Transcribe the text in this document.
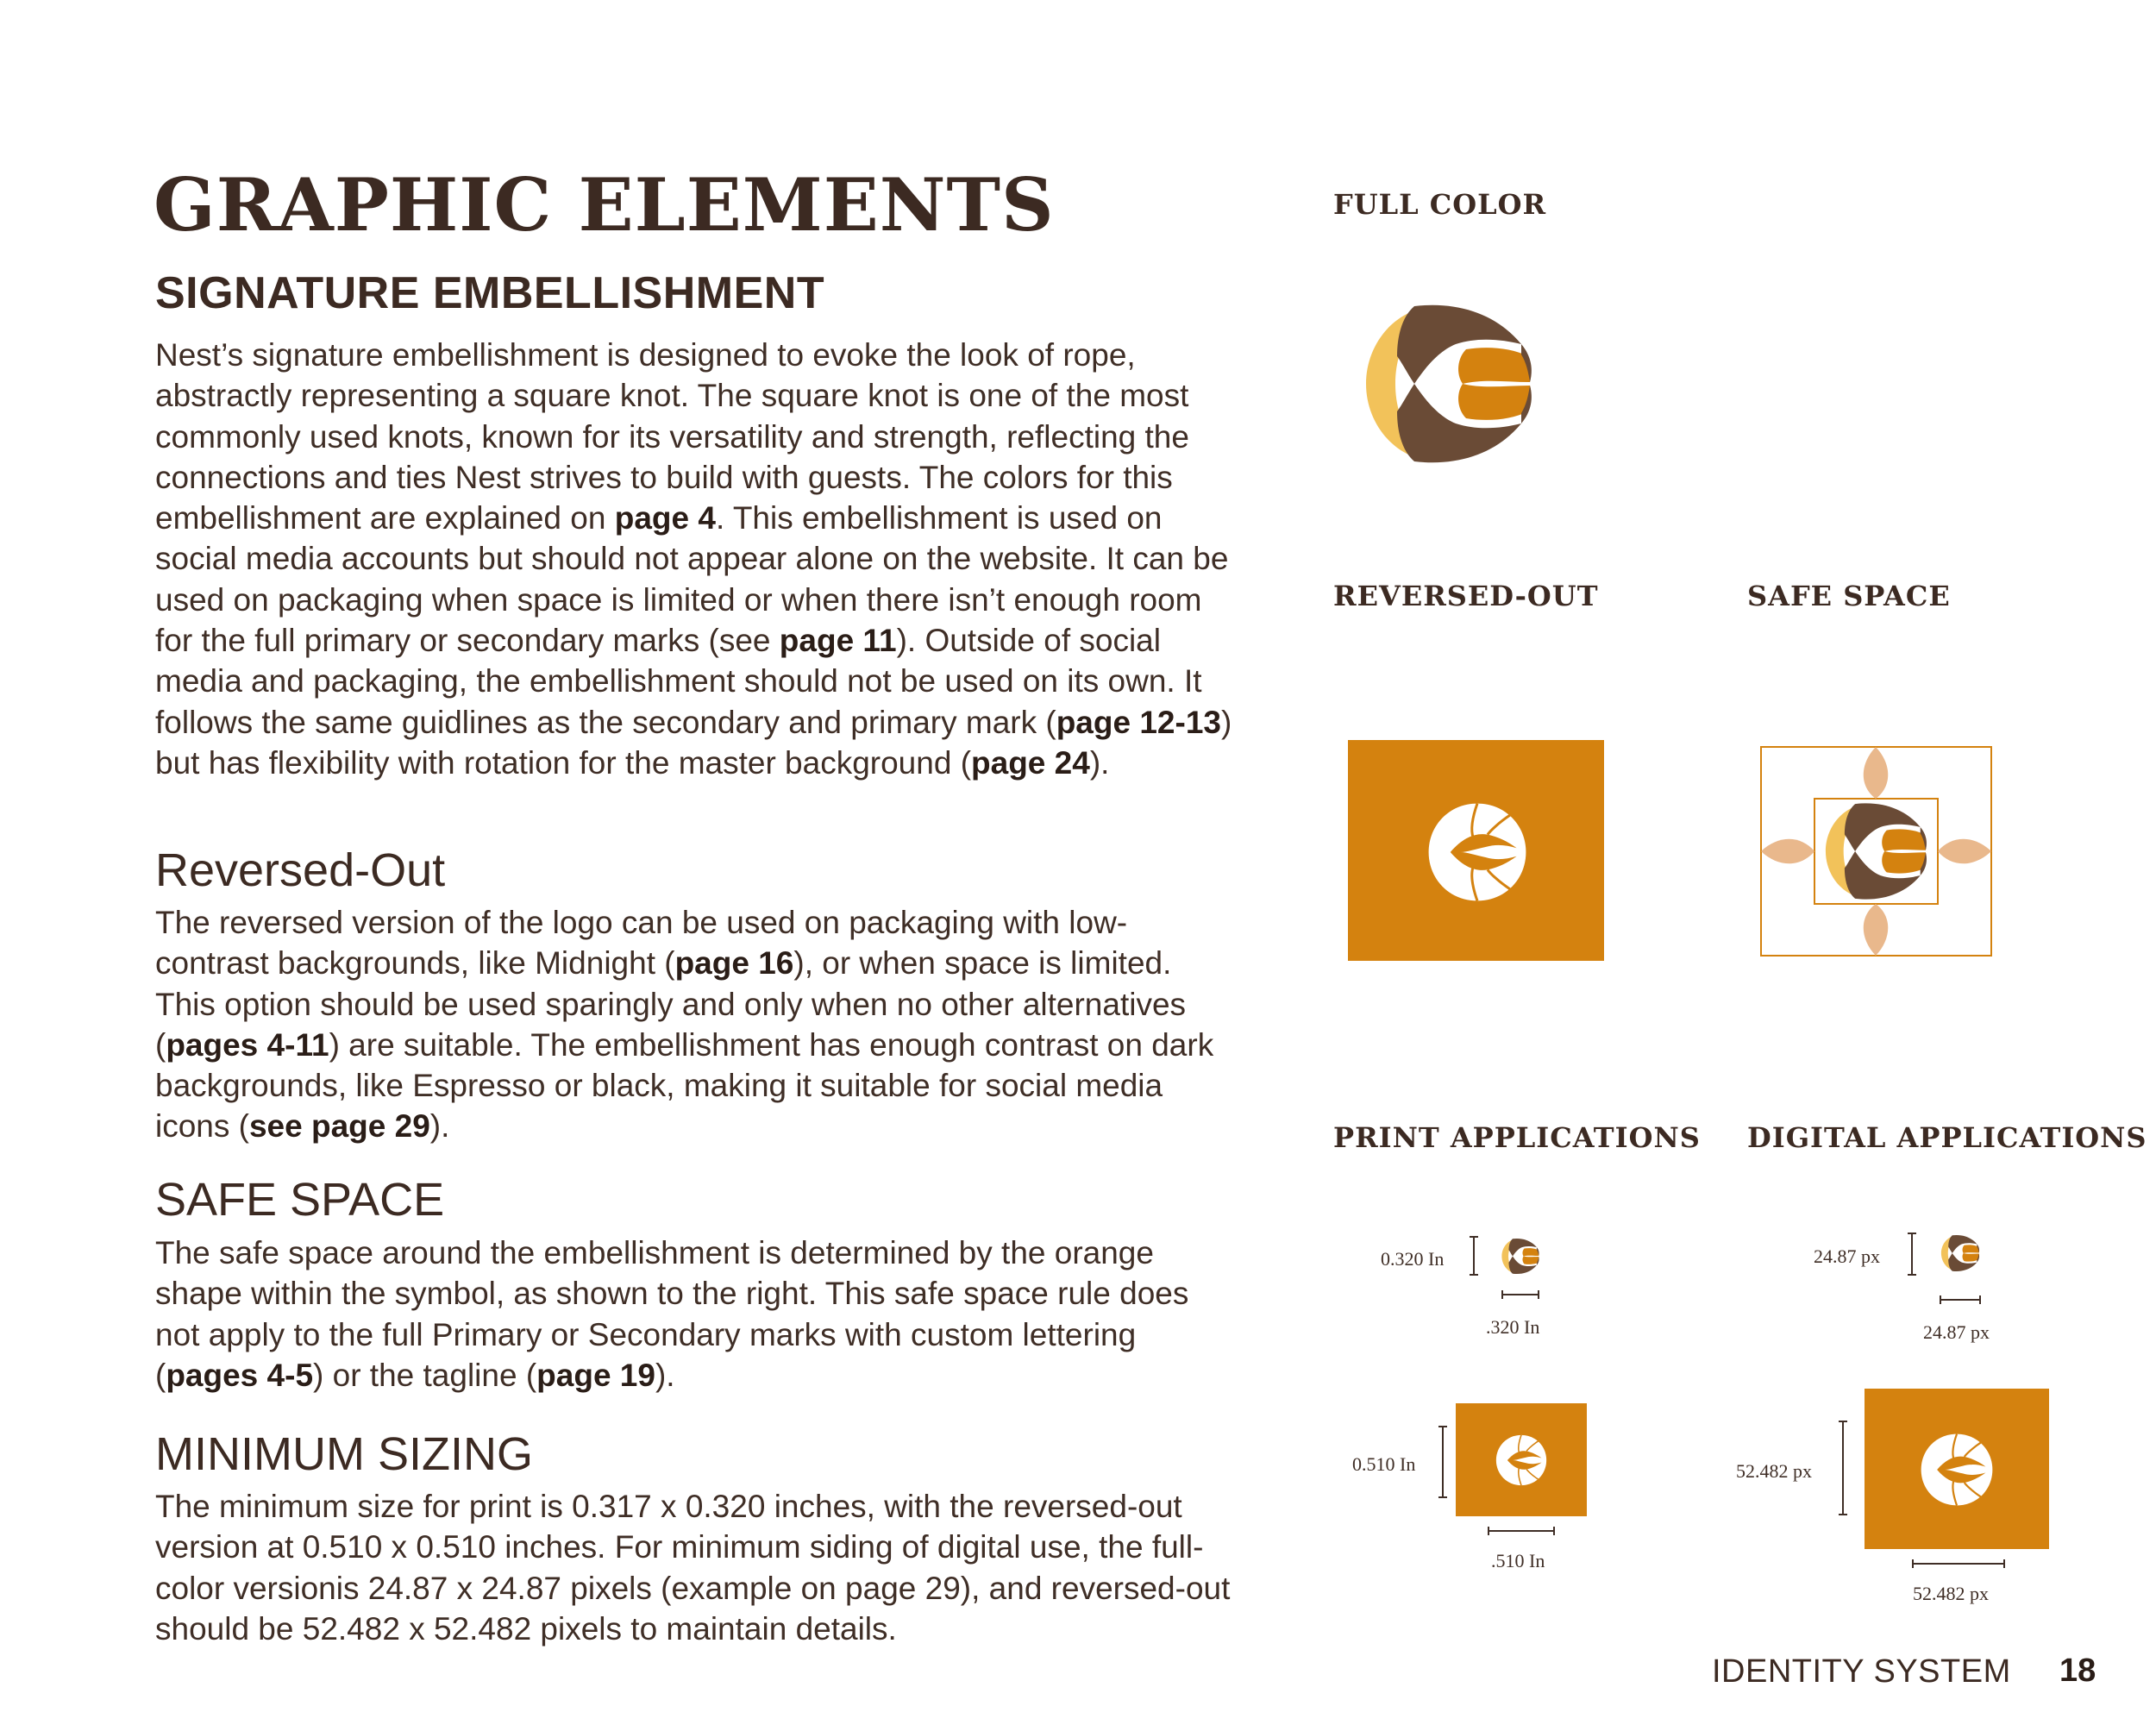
GRAPHIC ELEMENTS
SIGNATURE EMBELLISHMENT

Nest’s signature embellishment is designed to evoke the look of rope, abstractly representing a square knot. The square knot is one of the most commonly used knots, known for its versatility and strength, reflecting the connections and ties Nest strives to build with guests. The colors for this embellishment are explained on page 4. This embellishment is used on social media accounts but should not appear alone on the website. It can be used on packaging when space is limited or when there isn’t enough room for the full primary or secondary marks (see page 11). Outside of social media and packaging, the embellishment should not be used on its own. It follows the same guidlines as the secondary and primary mark (page 12-13) but has flexibility with rotation for the master background (page 24).

Reversed-Out

The reversed version of the logo can be used on packaging with low-contrast backgrounds, like Midnight (page 16), or when space is limited. This option should be used sparingly and only when no other alternatives (pages 4-11) are suitable. The embellishment has enough contrast on dark backgrounds, like Espresso or black, making it suitable for social media icons (see page 29).

SAFE SPACE

The safe space around the embellishment is determined by the orange shape within the symbol, as shown to the right. This safe space rule does not apply to the full Primary or Secondary marks with custom lettering (pages 4-5) or the tagline (page 19).

MINIMUM SIZING

The minimum size for print is 0.317 x 0.320 inches, with the reversed-out version at 0.510 x 0.510 inches. For minimum siding of digital use, the full-color versionis 24.87 x 24.87 pixels (example on page 29), and reversed-out should be 52.482 x 52.482 pixels to maintain details.

FULL COLOR
REVERSED-OUT	SAFE SPACE
PRINT APPLICATIONS DIGITAL APPLICATIONS
0.320 In
.320 In
0.510 In
.510 In
24.87 px
24.87 px
52.482 px
52.482 px
IDENTITY SYSTEM 18
